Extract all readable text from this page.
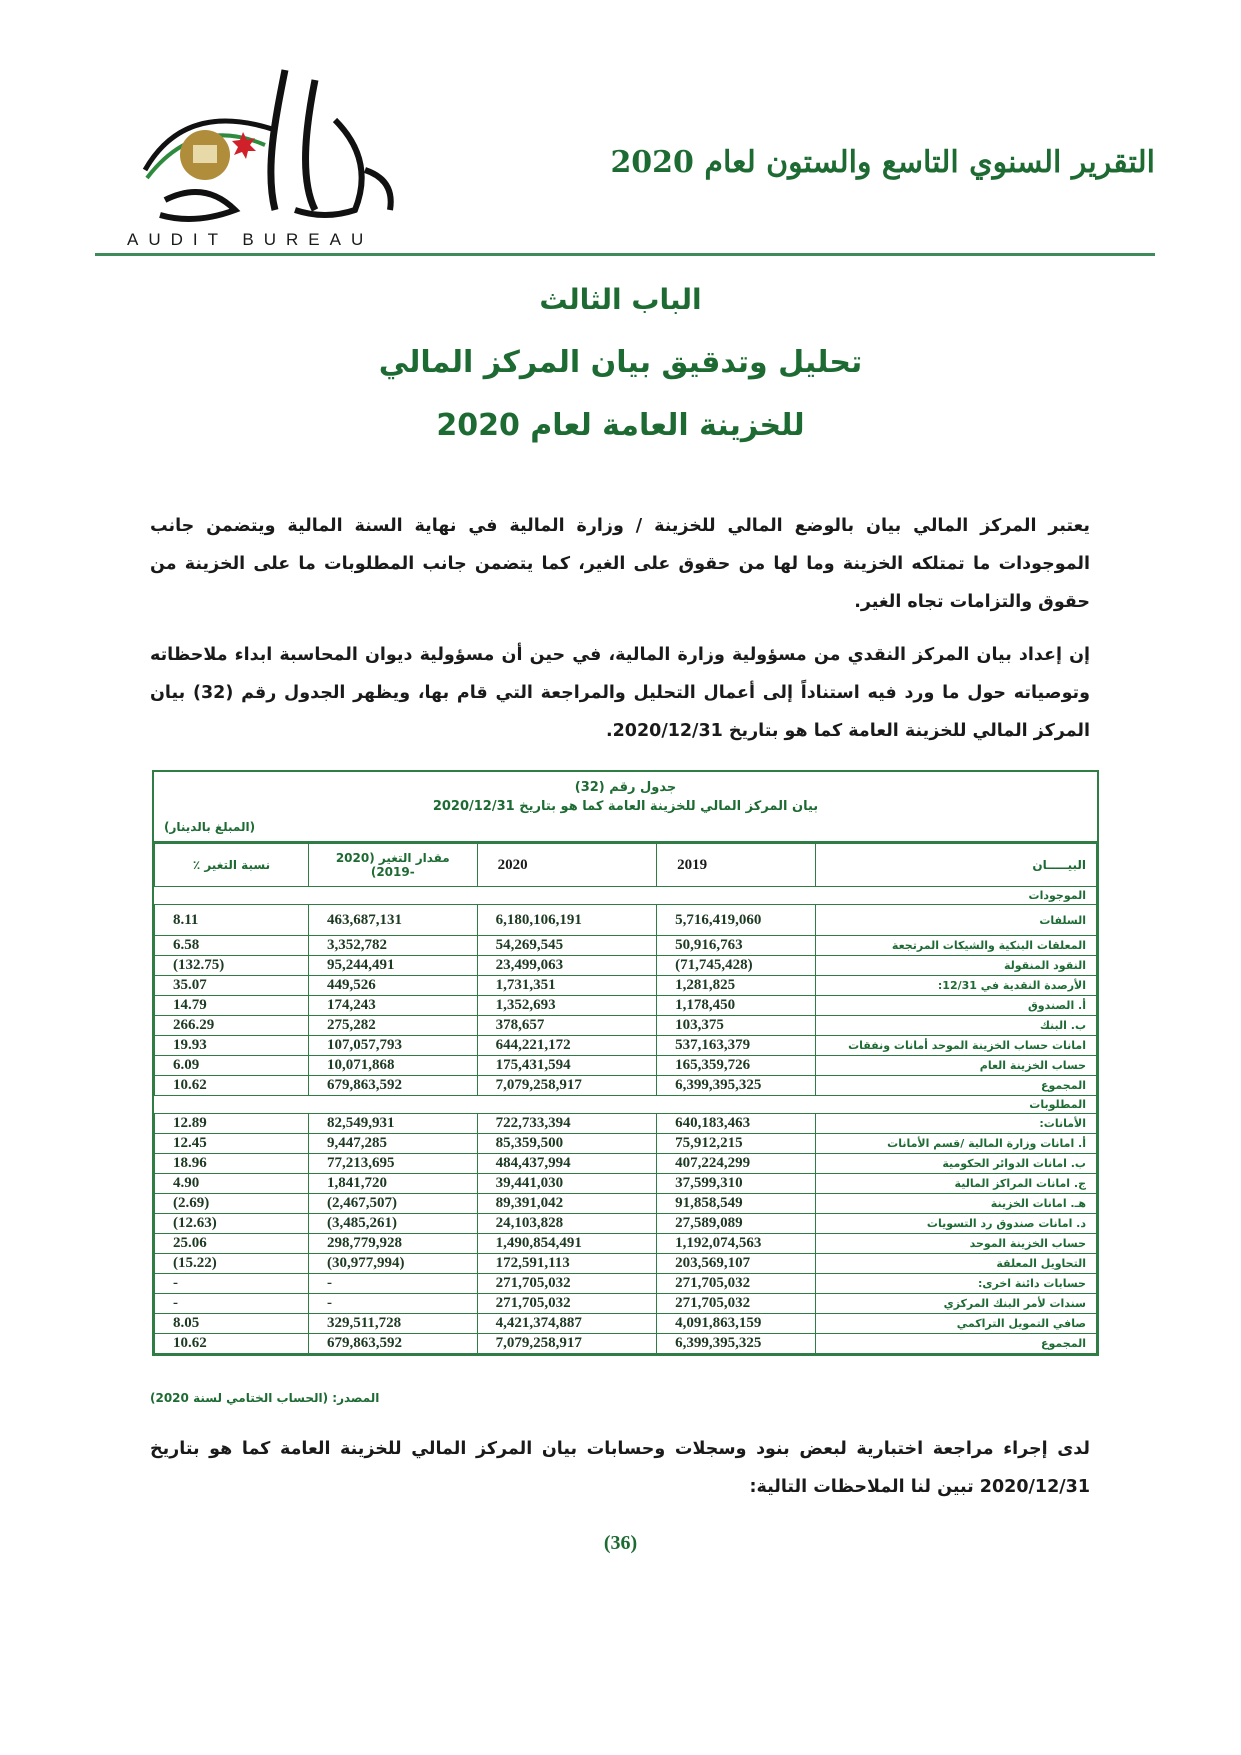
AUDIT BUREAU
التقرير السنوي التاسع والستون لعام 2020
الباب الثالث
تحليل وتدقيق بيان المركز المالي
للخزينة العامة لعام 2020
يعتبر المركز المالي بيان بالوضع المالي للخزينة / وزارة المالية في نهاية السنة المالية ويتضمن جانب الموجودات ما تمتلكه الخزينة وما لها من حقوق على الغير، كما يتضمن جانب المطلوبات ما على الخزينة من حقوق والتزامات تجاه الغير.
إن إعداد بيان المركز النقدي من مسؤولية وزارة المالية، في حين أن مسؤولية ديوان المحاسبة ابداء ملاحظاته وتوصياته حول ما ورد فيه استناداً إلى أعمال التحليل والمراجعة التي قام بها، ويظهر الجدول رقم (32) بيان المركز المالي للخزينة العامة كما هو بتاريخ 2020/12/31.
جدول رقم (32)
بيان المركز المالي للخزينة العامة كما هو بتاريخ 2020/12/31
(المبلغ بالدينار)
البيـــــان	2019	2020	مقدار التغير (2020 -2019)	نسبة التغير ٪
الموجودات				
السلفات	5,716,419,060	6,180,106,191	463,687,131	8.11
المعلقات البنكية والشيكات المرتجعة	50,916,763	54,269,545	3,352,782	6.58
النقود المنقولة	(71,745,428)	23,499,063	95,244,491	(132.75)
الأرصدة النقدية في 12/31:	1,281,825	1,731,351	449,526	35.07
أ. الصندوق	1,178,450	1,352,693	174,243	14.79
ب. البنك	103,375	378,657	275,282	266.29
امانات حساب الخزينة الموحد أمانات ونفقات	537,163,379	644,221,172	107,057,793	19.93
حساب الخزينة العام	165,359,726	175,431,594	10,071,868	6.09
المجموع	6,399,395,325	7,079,258,917	679,863,592	10.62
المطلوبات				
الأمانات:	640,183,463	722,733,394	82,549,931	12.89
أ. امانات وزارة المالية /قسم الأمانات	75,912,215	85,359,500	9,447,285	12.45
ب. امانات الدوائر الحكومية	407,224,299	484,437,994	77,213,695	18.96
ج. امانات المراكز المالية	37,599,310	39,441,030	1,841,720	4.90
هـ. امانات الخزينة	91,858,549	89,391,042	(2,467,507)	(2.69)
د. امانات صندوق رد التسويات	27,589,089	24,103,828	(3,485,261)	(12.63)
حساب الخزينة الموحد	1,192,074,563	1,490,854,491	298,779,928	25.06
التحاويل المعلقة	203,569,107	172,591,113	(30,977,994)	(15.22)
حسابات دائنة اخرى:	271,705,032	271,705,032	-	-
سندات لأمر البنك المركزي	271,705,032	271,705,032	-	-
صافي التمويل التراكمي	4,091,863,159	4,421,374,887	329,511,728	8.05
المجموع	6,399,395,325	7,079,258,917	679,863,592	10.62
المصدر: (الحساب الختامي لسنة 2020)
لدى إجراء مراجعة اختبارية لبعض بنود وسجلات وحسابات بيان المركز المالي للخزينة العامة كما هو بتاريخ 2020/12/31 تبين لنا الملاحظات التالية:
(36)
